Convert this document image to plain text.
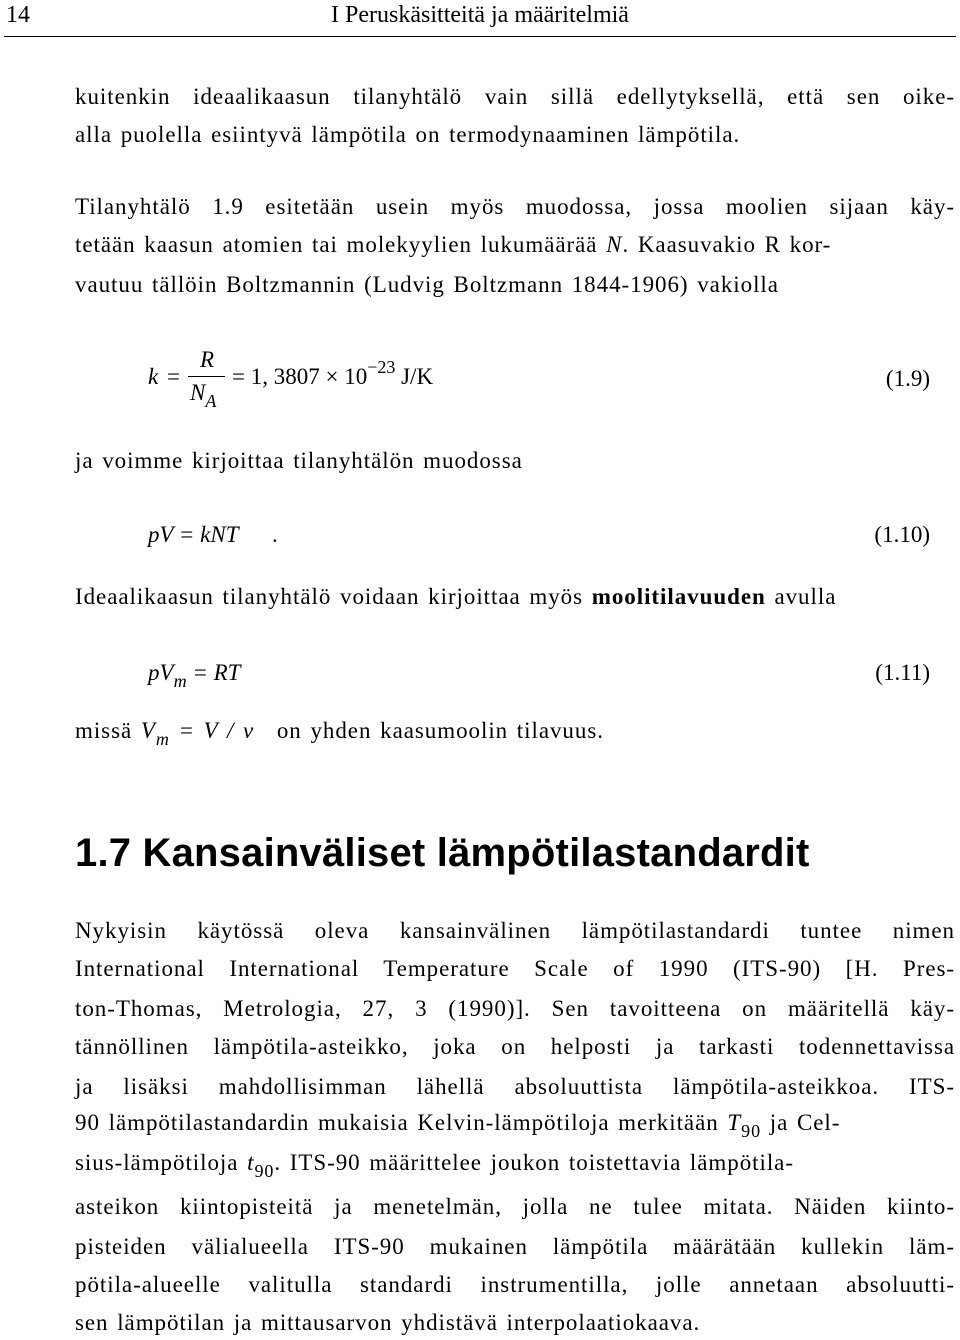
14	I Peruskäsitteitä ja määritelmiä
kuitenkin ideaalikaasun tilanyhtälö vain sillä edellytyksellä, että sen oike-
alla puolella esiintyvä lämpötila on termodynaaminen lämpötila.
Tilanyhtälö 1.9 esitetään usein myös muodossa, jossa moolien sijaan käy-
tetään kaasun atomien tai molekyylien lukumäärää N. Kaasuvakio R kor-
vautuu tällöin Boltzmannin (Ludvig Boltzmann 1844-1906) vakiolla
k =
R
$N_A$
= 1, $3807 \times 10^{-23}$ J/K	(1.9)
ja voimme kirjoittaa tilanyhtälön muodossa
pV = kNT .	(1.10)
Ideaalikaasun tilanyhtälö voidaan kirjoittaa myös moolitilavuuden avulla
$pV_m$ = RT	(1.11)
missä $V_m = V / \nu$ on yhden kaasumoolin tilavuus.
1.7 Kansainväliset lämpötilastandardit
Nykyisin käytössä oleva kansainvälinen lämpötilastandardi tuntee nimen
International International Temperature Scale of 1990 (ITS-90) [H. Pres-
ton-Thomas, Metrologia, 27, 3 (1990)]. Sen tavoitteena on määritellä käy-
tännöllinen lämpötila-asteikko, joka on helposti ja tarkasti todennettavissa
ja lisäksi mahdollisimman lähellä absoluuttista lämpötila-asteikkoa. ITS-
90 lämpötilastandardin mukaisia Kelvin-lämpötiloja merkitään $T_{90}$ ja Cel-
sius-lämpötiloja $t_{90}$. ITS-90 määrittelee joukon toistettavia lämpötila-
asteikon kiintopisteitä ja menetelmän, jolla ne tulee mitata. Näiden kiinto-
pisteiden välialueella ITS-90 mukainen lämpötila määrätään kullekin läm-
pötila-alueelle valitulla standardi instrumentilla, jolle annetaan absoluutti-
sen lämpötilan ja mittausarvon yhdistävä interpolaatiokaava.
